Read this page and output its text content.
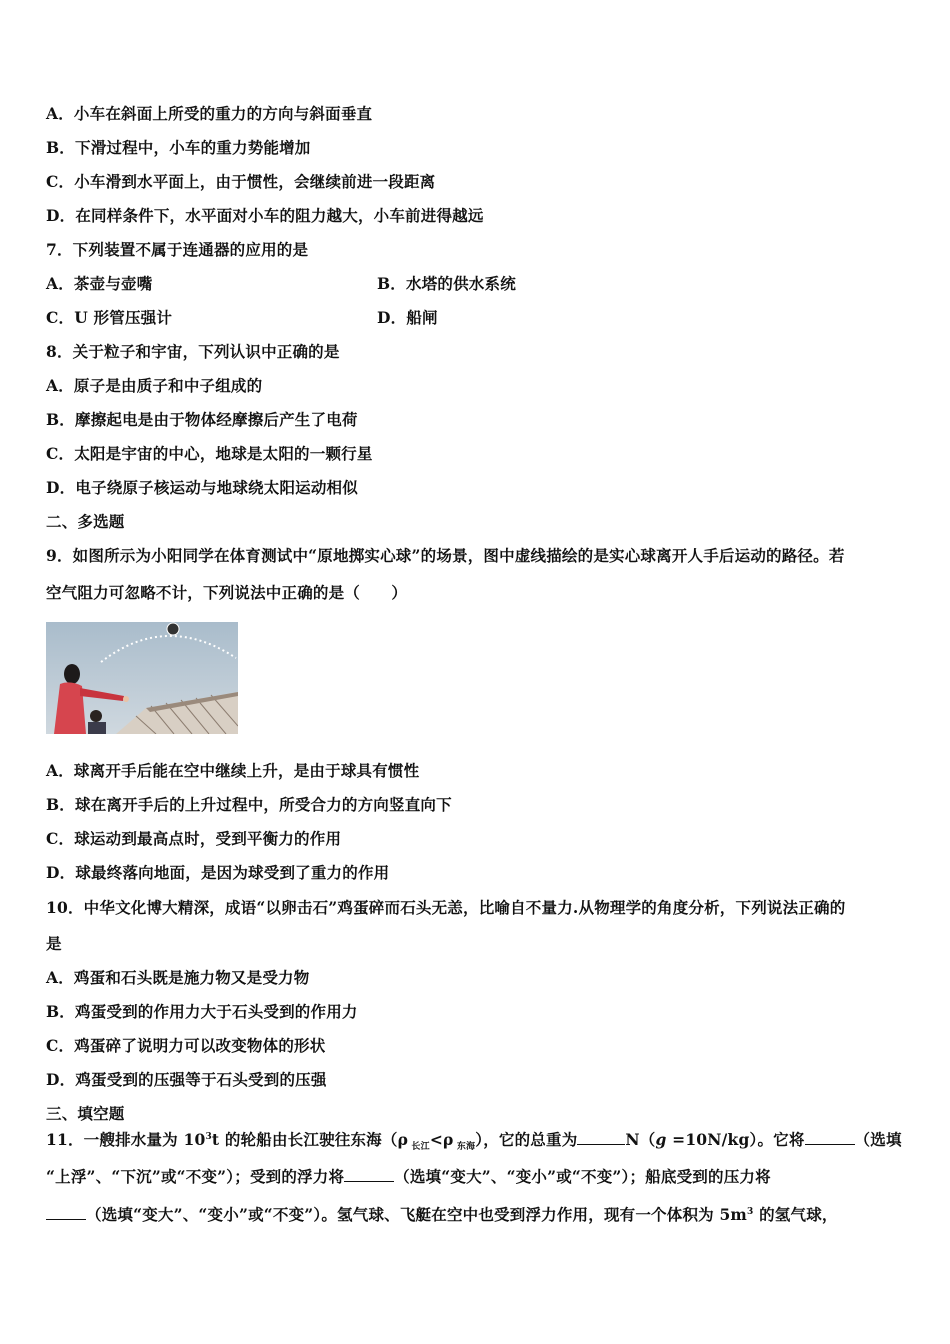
A．小车在斜面上所受的重力的方向与斜面垂直
B．下滑过程中，小车的重力势能增加
C．小车滑到水平面上，由于惯性，会继续前进一段距离
D．在同样条件下，水平面对小车的阻力越大，小车前进得越远
7．下列装置不属于连通器的应用的是
A．茶壶与壶嘴	B．水塔的供水系统
C．U 形管压强计	D．船闸
8．关于粒子和宇宙，下列认识中正确的是
A．原子是由质子和中子组成的
B．摩擦起电是由于物体经摩擦后产生了电荷
C．太阳是宇宙的中心，地球是太阳的一颗行星
D．电子绕原子核运动与地球绕太阳运动相似
二、多选题
9．如图所示为小阳同学在体育测试中“原地掷实心球”的场景，图中虚线描绘的是实心球离开人手后运动的路径。若
空气阻力可忽略不计，下列说法中正确的是（　　）
A．球离开手后能在空中继续上升，是由于球具有惯性
B．球在离开手后的上升过程中，所受合力的方向竖直向下
C．球运动到最高点时，受到平衡力的作用
D．球最终落向地面，是因为球受到了重力的作用
10．中华文化博大精深，成语“以卵击石”鸡蛋碎而石头无恙，比喻自不量力.从物理学的角度分析，下列说法正确的
是
A．鸡蛋和石头既是施力物又是受力物
B．鸡蛋受到的作用力大于石头受到的作用力
C．鸡蛋碎了说明力可以改变物体的形状
D．鸡蛋受到的压强等于石头受到的压强
三、填空题
11．一艘排水量为 $10^3t$ 的轮船由长江驶往东海（ρ $_{长江}$<ρ $_{东海}$），它的总重为	N（g =10N/kg）。它将	（选填
“上浮”、“下沉”或“不变”）；受到的浮力将	（选填“变大”、“变小”或“不变”）；船底受到的压力将
（选填“变大”、“变小”或“不变”）。氢气球、飞艇在空中也受到浮力作用，现有一个体积为 $5m^3$ 的氢气球，
